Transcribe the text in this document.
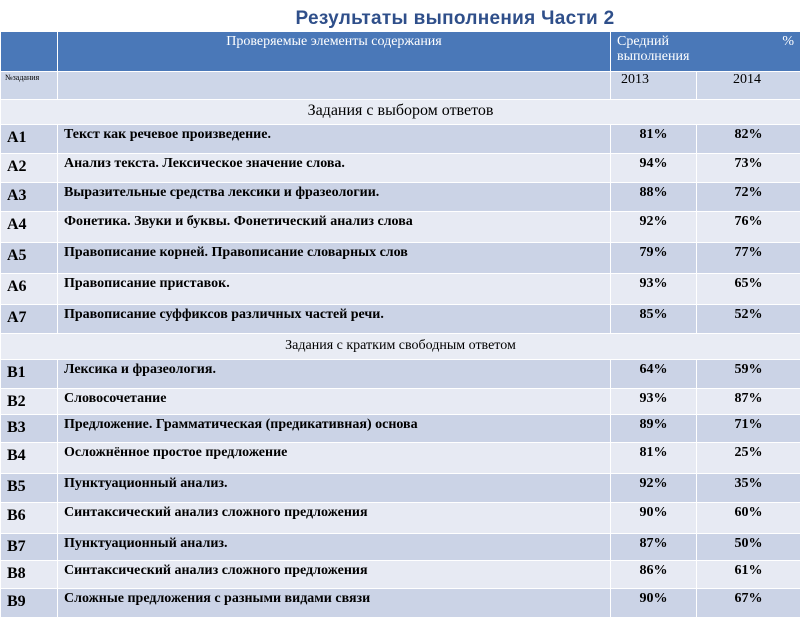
Результаты выполнения Части 2
	Проверяемые элементы содержания	Средний %
выполнения	

№задания		2013	2014
Задания с выбором ответов			
А1	Текст как речевое произведение.	81%	82%
А2	Анализ текста. Лексическое значение слова.	94%	73%
А3	Выразительные средства лексики и фразеологии.	88%	72%
А4	Фонетика. Звуки и буквы. Фонетический анализ слова	92%	76%
А5	Правописание корней. Правописание словарных слов	79%	77%
А6	Правописание приставок.	93%	65%
А7	Правописание суффиксов различных частей речи.	85%	52%
Задания с кратким свободным ответом			
В1	Лексика и фразеология.	64%	59%
В2	Словосочетание	93%	87%
В3	Предложение. Грамматическая (предикативная) основа	89%	71%
В4	Осложнённое простое предложение	81%	25%
В5	Пунктуационный анализ.	92%	35%
В6	Синтаксический анализ сложного предложения	90%	60%
В7	Пунктуационный анализ.	87%	50%
В8	Синтаксический анализ сложного предложения	86%	61%
В9	Сложные предложения с разными видами связи	90%	67%
